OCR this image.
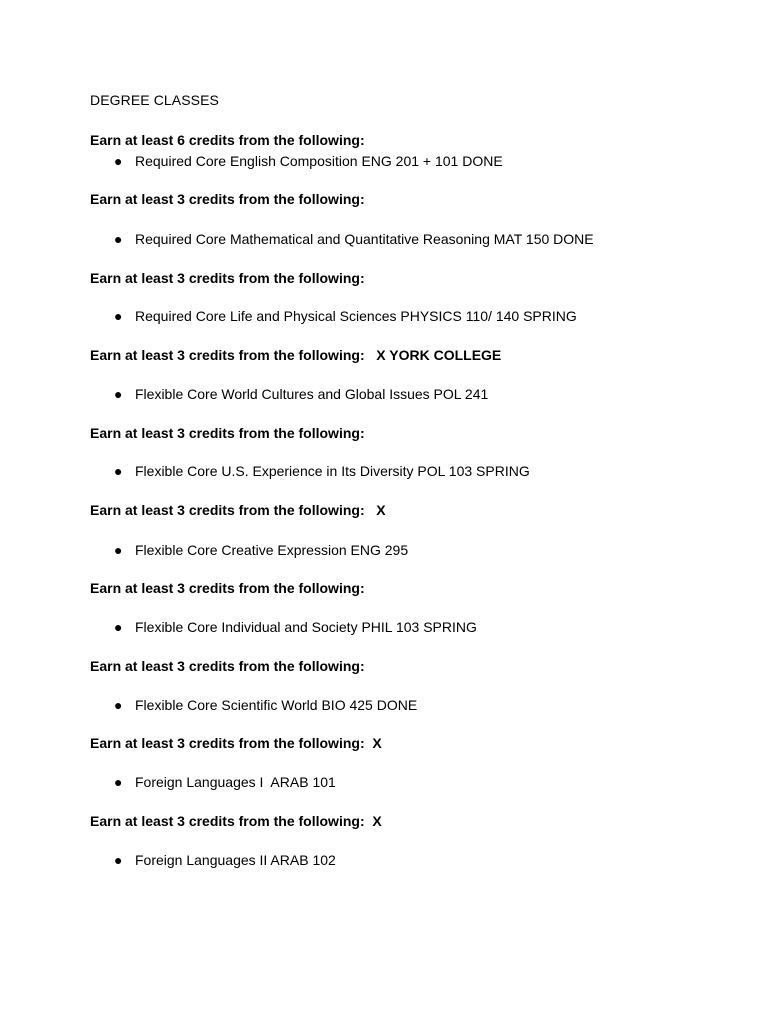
DEGREE CLASSES
Earn at least 6 credits from the following:
● Required Core English Composition ENG 201 + 101 DONE
Earn at least 3 credits from the following:
● Required Core Mathematical and Quantitative Reasoning MAT 150 DONE
Earn at least 3 credits from the following:
● Required Core Life and Physical Sciences PHYSICS 110/ 140 SPRING
Earn at least 3 credits from the following:   X YORK COLLEGE
● Flexible Core World Cultures and Global Issues POL 241
Earn at least 3 credits from the following:
● Flexible Core U.S. Experience in Its Diversity POL 103 SPRING
Earn at least 3 credits from the following:   X
● Flexible Core Creative Expression ENG 295
Earn at least 3 credits from the following:
● Flexible Core Individual and Society PHIL 103 SPRING
Earn at least 3 credits from the following:
● Flexible Core Scientific World BIO 425 DONE
Earn at least 3 credits from the following:  X
● Foreign Languages I  ARAB 101
Earn at least 3 credits from the following:  X
● Foreign Languages II ARAB 102
